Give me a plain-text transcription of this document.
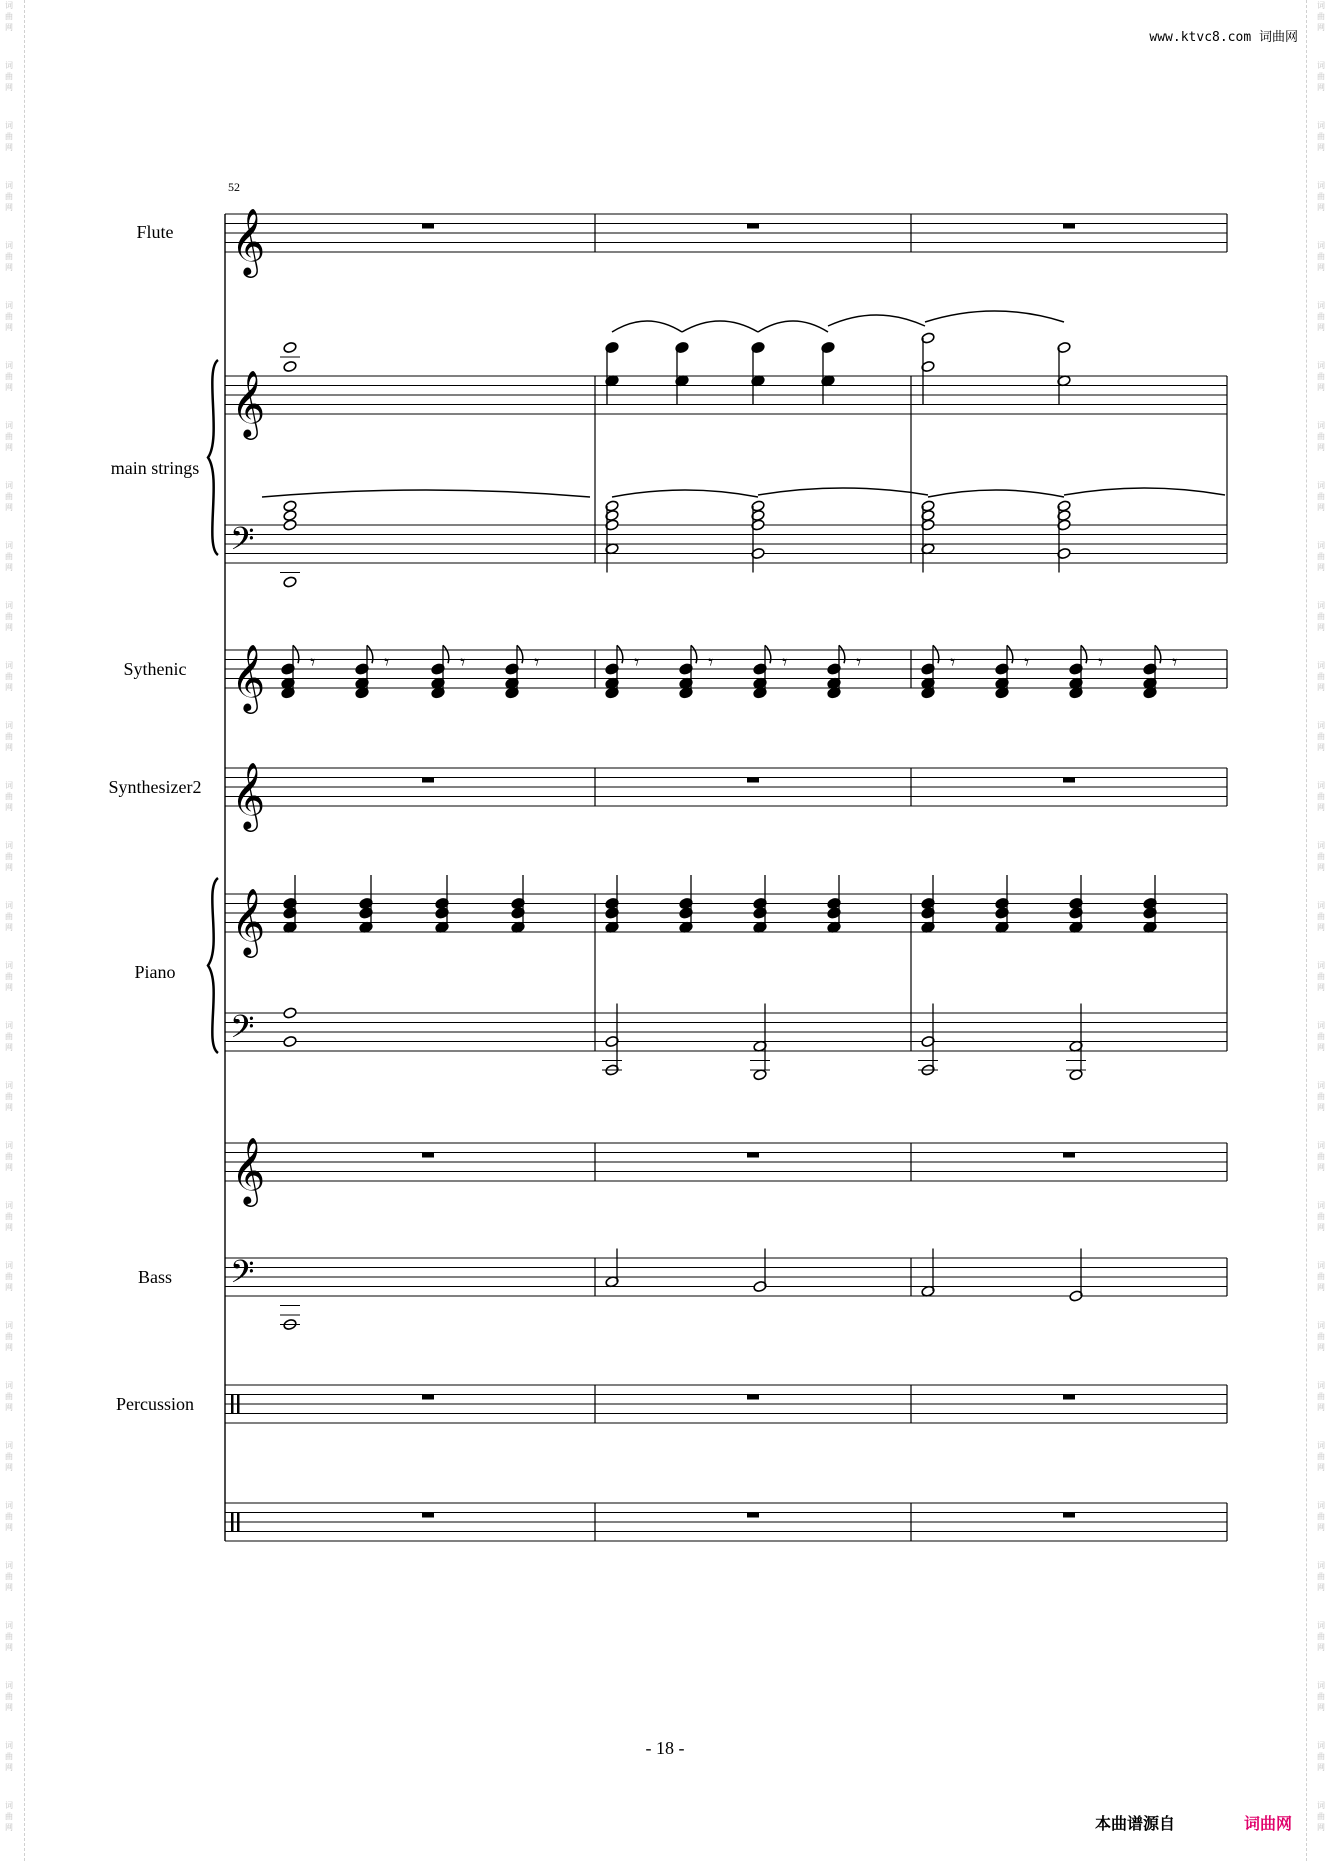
词
曲
网
词
曲
网
词
曲
网
词
曲
网
词
曲
网
词
曲
网
词
曲
网
词
曲
网
词
曲
网
词
曲
网
词
曲
网
词
曲
网
词
曲
网
词
曲
网
词
曲
网
词
曲
网
词
曲
网
词
曲
网
词
曲
网
词
曲
网
词
曲
网
词
曲
网
词
曲
网
词
曲
网
词
曲
网
词
曲
网
词
曲
网
词
曲
网
词
曲
网
词
曲
网
词
曲
网
词
曲
网
词
曲
网
词
曲
网
词
曲
网
词
曲
网
词
曲
网
词
曲
网
词
曲
网
词
曲
网
词
曲
网
词
曲
网
词
曲
网
词
曲
网
词
曲
网
词
曲
网
词
曲
网
词
曲
网
词
曲
网
词
曲
网
词
曲
网
词
曲
网
词
曲
网
词
曲
网
词
曲
网
词
曲
网
词
曲
网
词
曲
网
词
曲
网
词
曲
网
词
曲
网
词
曲
网
www.ktvc8.com 词曲网
52
Flute
main strings
Sythenic
Synthesizer2
Piano
Bass
Percussion
𝄞
𝄞
𝄢
𝄞
𝄞
𝄞
𝄢
𝄞
𝄢
𝄾	𝄾	𝄾	𝄾	𝄾	𝄾	𝄾	𝄾	𝄾	𝄾	𝄾	𝄾
- 18 -
本曲谱源自	词曲网
